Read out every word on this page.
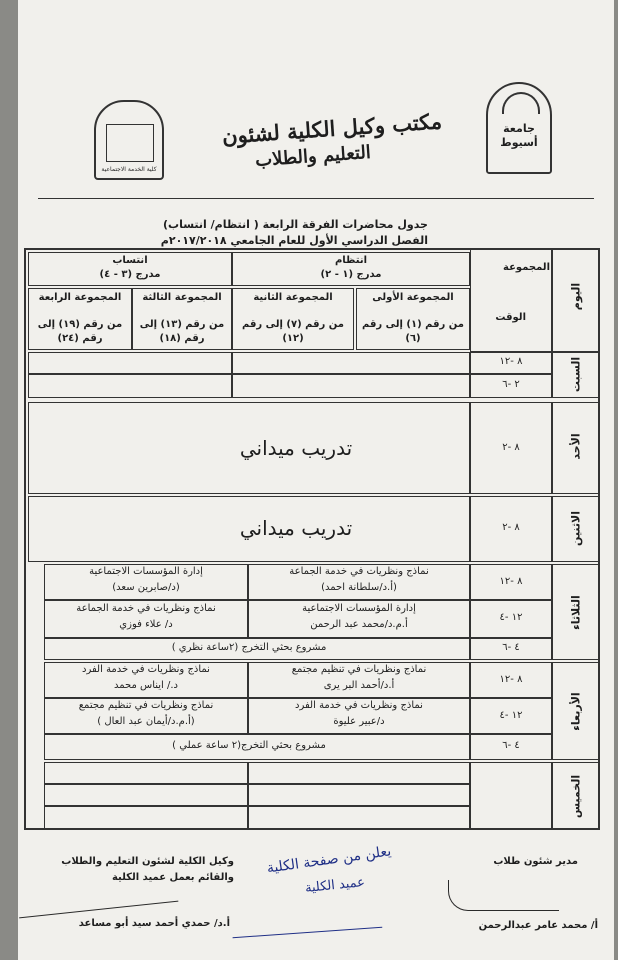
جامعة أسيوط
كلية الخدمة الاجتماعية
مكتب وكيل الكلية لشئون
التعليم والطلاب
جدول محاضرات الفرقة الرابعة ( انتظام/ انتساب)
الفصل الدراسي الأول للعام الجامعي ٢٠١٧/٢٠١٨م
اليوم
المجموعة
الوقت
انتظام
مدرج (١ - ٢)
انتساب
مدرج (٣ - ٤)
المجموعة الأولى
من رقم (١) إلى رقم (٦)
المجموعة الثانية
من رقم (٧) إلى رقم (١٢)
المجموعة الثالثة
من رقم (١٣) إلى رقم (١٨)
المجموعة الرابعة
من رقم (١٩) إلى رقم (٢٤)
السبت
٨ -١٢
٢ -٦
الأحد
٨ -٢
تدريب ميداني
الاثنين
٨ -٢
تدريب ميداني
الثلاثاء
٨ -١٢
١٢ -٤
٤ -٦
نماذج ونظريات في خدمة الجماعة
(أ.د/سلطانة احمد)
إدارة المؤسسات الاجتماعية
(د/صابرين سعد)
إدارة المؤسسات الاجتماعية
أ.م.د/محمد عبد الرحمن
نماذج ونظريات في خدمة الجماعة
د/ علاء فوزي
مشروع بحثي التخرج (٢ساعة نظري )
الأربعاء
٨ -١٢
١٢ -٤
٤ -٦
نماذج ونظريات في تنظيم مجتمع
أ.د/أحمد البر يرى
نماذج ونظريات في خدمة الفرد
د./ ايناس محمد
نماذج ونظريات في خدمة الفرد
د/عبير عليوة
نماذج ونظريات في تنظيم مجتمع
(أ.م.د/أيمان عبد العال )
مشروع بحثي التخرج(٢ ساعة عملي )
الخميس
وكيل الكلية لشئون التعليم والطلاب
والقائم بعمل عميد الكلية
أ.د/ حمدي أحمد سيد أبو مساعد
يعلن من صفحة الكلية
عميد الكلية
مدير شئون طلاب
أ/ محمد عامر عبدالرحمن
